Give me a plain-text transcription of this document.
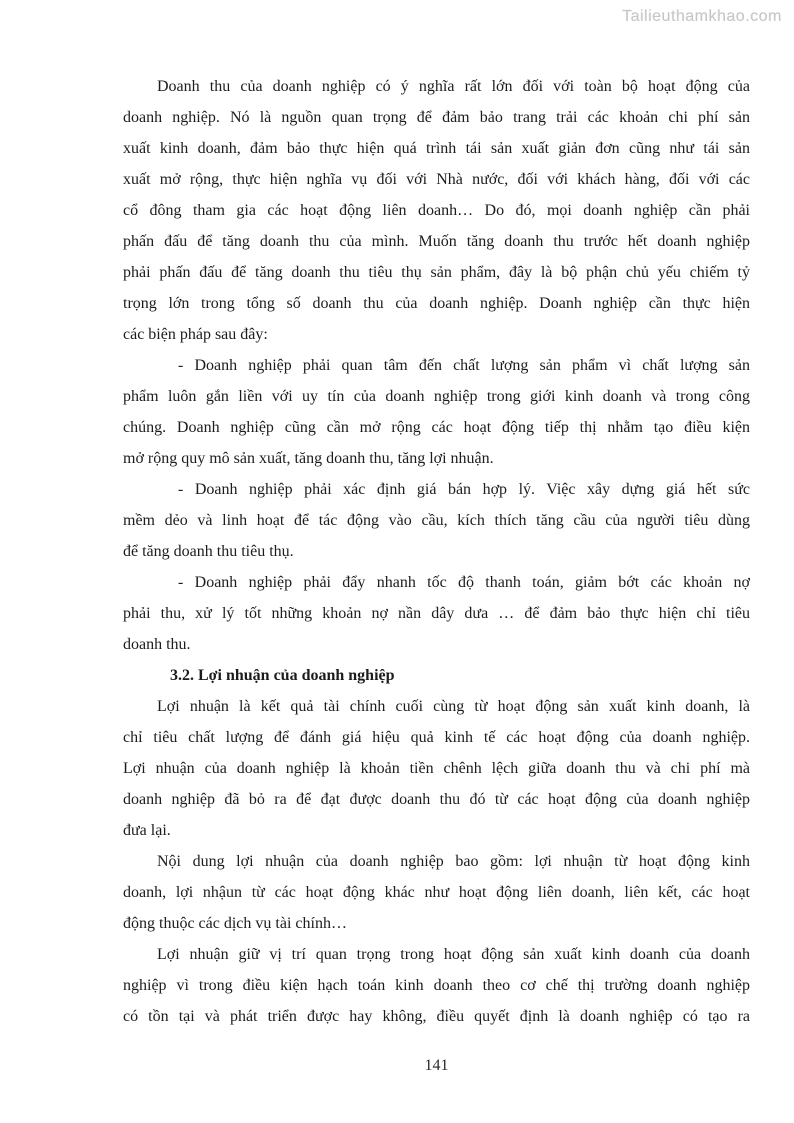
Tailieuthamkhao.com

Doanh thu của doanh nghiệp có ý nghĩa rất lớn đối với toàn bộ hoạt động của
doanh nghiệp. Nó là nguồn quan trọng để đảm bảo trang trải các khoản chi phí sản
xuất kinh doanh, đảm bảo thực hiện quá trình tái sản xuất giản đơn cũng như tái sản
xuất mở rộng, thực hiện nghĩa vụ đối với Nhà nước, đối với khách hàng, đối với các
cổ đông tham gia các hoạt động liên doanh… Do đó, mọi doanh nghiệp cần phải
phấn đấu để tăng doanh thu của mình. Muốn tăng doanh thu trước hết doanh nghiệp
phải phấn đấu để tăng doanh thu tiêu thụ sản phẩm, đây là bộ phận chủ yếu chiếm tỷ
trọng lớn trong tổng số doanh thu của doanh nghiệp. Doanh nghiệp cần thực hiện
các biện pháp sau đây:

- Doanh nghiệp phải quan tâm đến chất lượng sản phẩm vì chất lượng sản
phẩm luôn gắn liền với uy tín của doanh nghiệp trong giới kinh doanh và trong công
chúng. Doanh nghiệp cũng cần mở rộng các hoạt động tiếp thị nhằm tạo điều kiện
mở rộng quy mô sản xuất, tăng doanh thu, tăng lợi nhuận.

- Doanh nghiệp phải xác định giá bán hợp lý. Việc xây dựng giá hết sức
mềm dẻo và linh hoạt để tác động vào cầu, kích thích tăng cầu của người tiêu dùng
để tăng doanh thu tiêu thụ.

- Doanh nghiệp phải đẩy nhanh tốc độ thanh toán, giảm bớt các khoản nợ
phải thu, xử lý tốt những khoản nợ nần dây dưa … để đảm bảo thực hiện chỉ tiêu
doanh thu.

3.2. Lợi nhuận của doanh nghiệp

Lợi nhuận là kết quả tài chính cuối cùng từ hoạt động sản xuất kinh doanh, là
chỉ tiêu chất lượng để đánh giá hiệu quả kinh tế các hoạt động của doanh nghiệp.
Lợi nhuận của doanh nghiệp là khoản tiền chênh lệch giữa doanh thu và chi phí mà
doanh nghiệp đã bỏ ra để đạt được doanh thu đó từ các hoạt động của doanh nghiệp
đưa lại.

Nội dung lợi nhuận của doanh nghiệp bao gồm: lợi nhuận từ hoạt động kinh
doanh, lợi nhậun từ các hoạt động khác như hoạt động liên doanh, liên kết, các hoạt
động thuộc các dịch vụ tài chính…

Lợi nhuận giữ vị trí quan trọng trong hoạt động sản xuất kinh doanh của doanh
nghiệp vì trong điều kiện hạch toán kinh doanh theo cơ chế thị trường doanh nghiệp
có tồn tại và phát triển được hay không, điều quyết định là doanh nghiệp có tạo ra

141
